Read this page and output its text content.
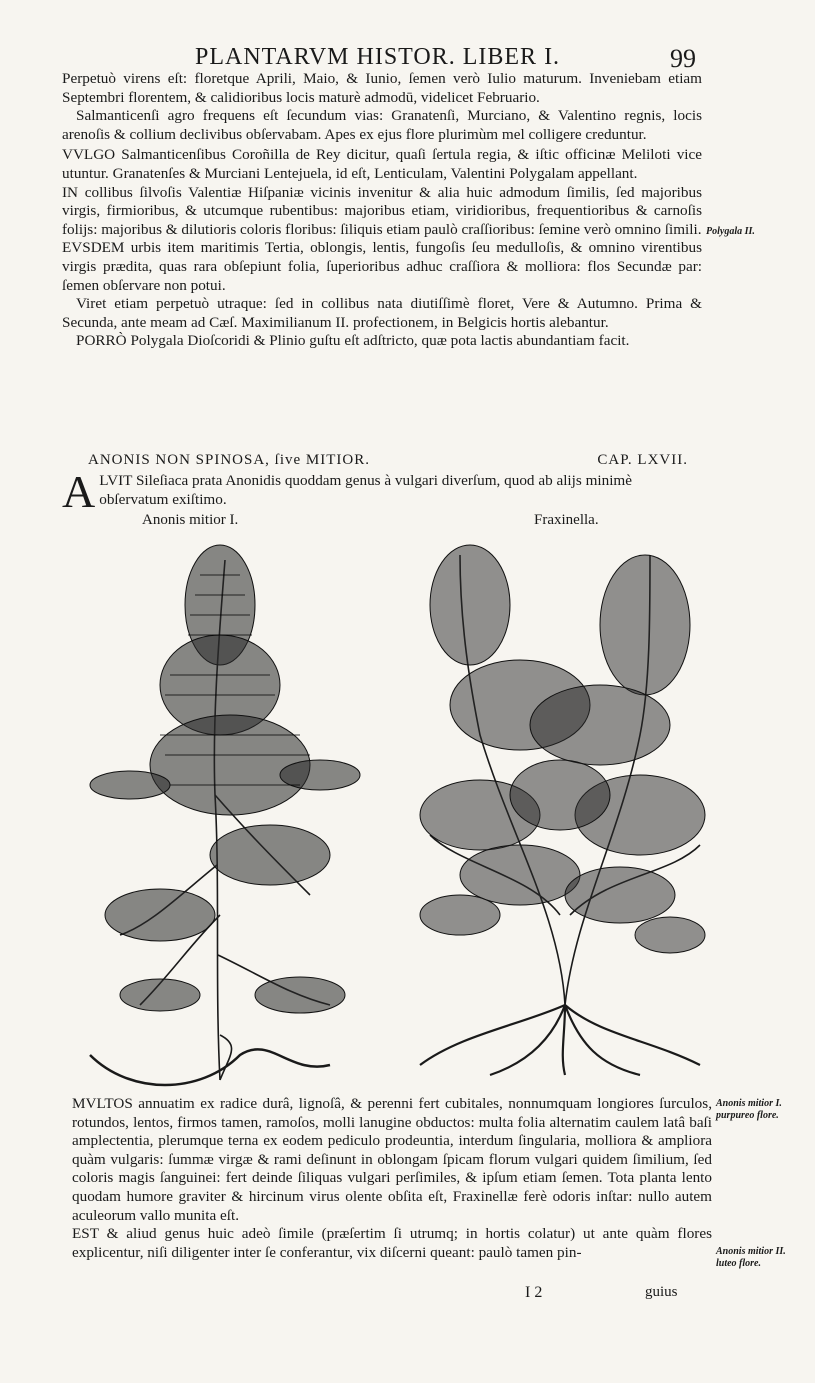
PLANTARVM HISTOR. LIBER I.	99

Perpetuò virens eſt: floretque Aprili, Maio, & Iunio, ſemen verò Iulio maturum. Inveniebam etiam Septembri florentem, & calidioribus locis maturè admodū, videlicet Februario.

Salmanticenſi agro frequens eſt ſecundum vias: Granatenſi, Murciano, & Valentino regnis, locis arenoſis & collium declivibus obſervabam. Apes ex ejus flore plurimùm mel colligere creduntur.

VVLGO Salmanticenſibus Coroñilla de Rey dicitur, quaſi ſertula regia, & iſtic officinæ Meliloti vice utuntur. Granatenſes & Murciani Lentejuela, id eſt, Lenticulam, Valentini Polygalam appellant.

IN collibus ſilvoſis Valentiæ Hiſpaniæ vicinis invenitur & alia huic admodum ſimilis, ſed majoribus virgis, firmioribus, & utcumque rubentibus: majoribus etiam, viridioribus, frequentioribus & carnoſis folijs: majoribus & dilutioris coloris floribus: ſiliquis etiam paulò craſſioribus: ſemine verò omnino ſimili.

EVSDEM urbis item maritimis Tertia, oblongis, lentis, fungoſis ſeu medulloſis, & omnino virentibus virgis prædita, quas rara obſepiunt folia, ſuperioribus adhuc craſſiora & molliora: flos Secundæ par: ſemen obſervare non potui.

Viret etiam perpetuò utraque: ſed in collibus nata diutiſſimè floret, Vere & Autumno. Prima & Secunda, ante meam ad Cæſ. Maximilianum II. profectionem, in Belgicis hortis alebantur.

PORRÒ Polygala Dioſcoridi & Plinio guſtu eſt adſtricto, quæ pota lactis abundantiam facit.

Polygala II.
ANONIS NON SPINOSA, ſive MITIOR.	CAP. LXVII.
A LVIT Sileſiaca prata Anonidis quoddam genus à vulgari diverſum, quod ab alijs minimè obſervatum exiſtimo.
Anonis mitior I.	Fraxinella.

MVLTOS annuatim ex radice durâ, lignoſâ, & perenni fert cubitales, nonnumquam longiores ſurculos, rotundos, lentos, firmos tamen, ramoſos, molli lanugine obductos: multa folia alternatim caulem latâ baſi amplectentia, plerumque terna ex eodem pediculo prodeuntia, interdum ſingularia, molliora & ampliora quàm vulgaris: ſummæ virgæ & rami deſinunt in oblongam ſpicam florum vulgari quidem ſimilium, ſed coloris magis ſanguinei: fert deinde ſiliquas vulgari perſimiles, & ipſum etiam ſemen. Tota planta lento quodam humore graviter & hircinum virus olente obſita eſt, Fraxinellæ ferè odoris inſtar: nullo autem aculeorum vallo munita eſt.

EST & aliud genus huic adeò ſimile (præſertim ſi utrumq; in hortis colatur) ut ante quàm flores explicentur, niſi diligenter inter ſe conferantur, vix diſcerni queant: paulò tamen pin-

Anonis mitior I. purpureo flore.
Anonis mitior II. luteo flore.
I 2	guius
